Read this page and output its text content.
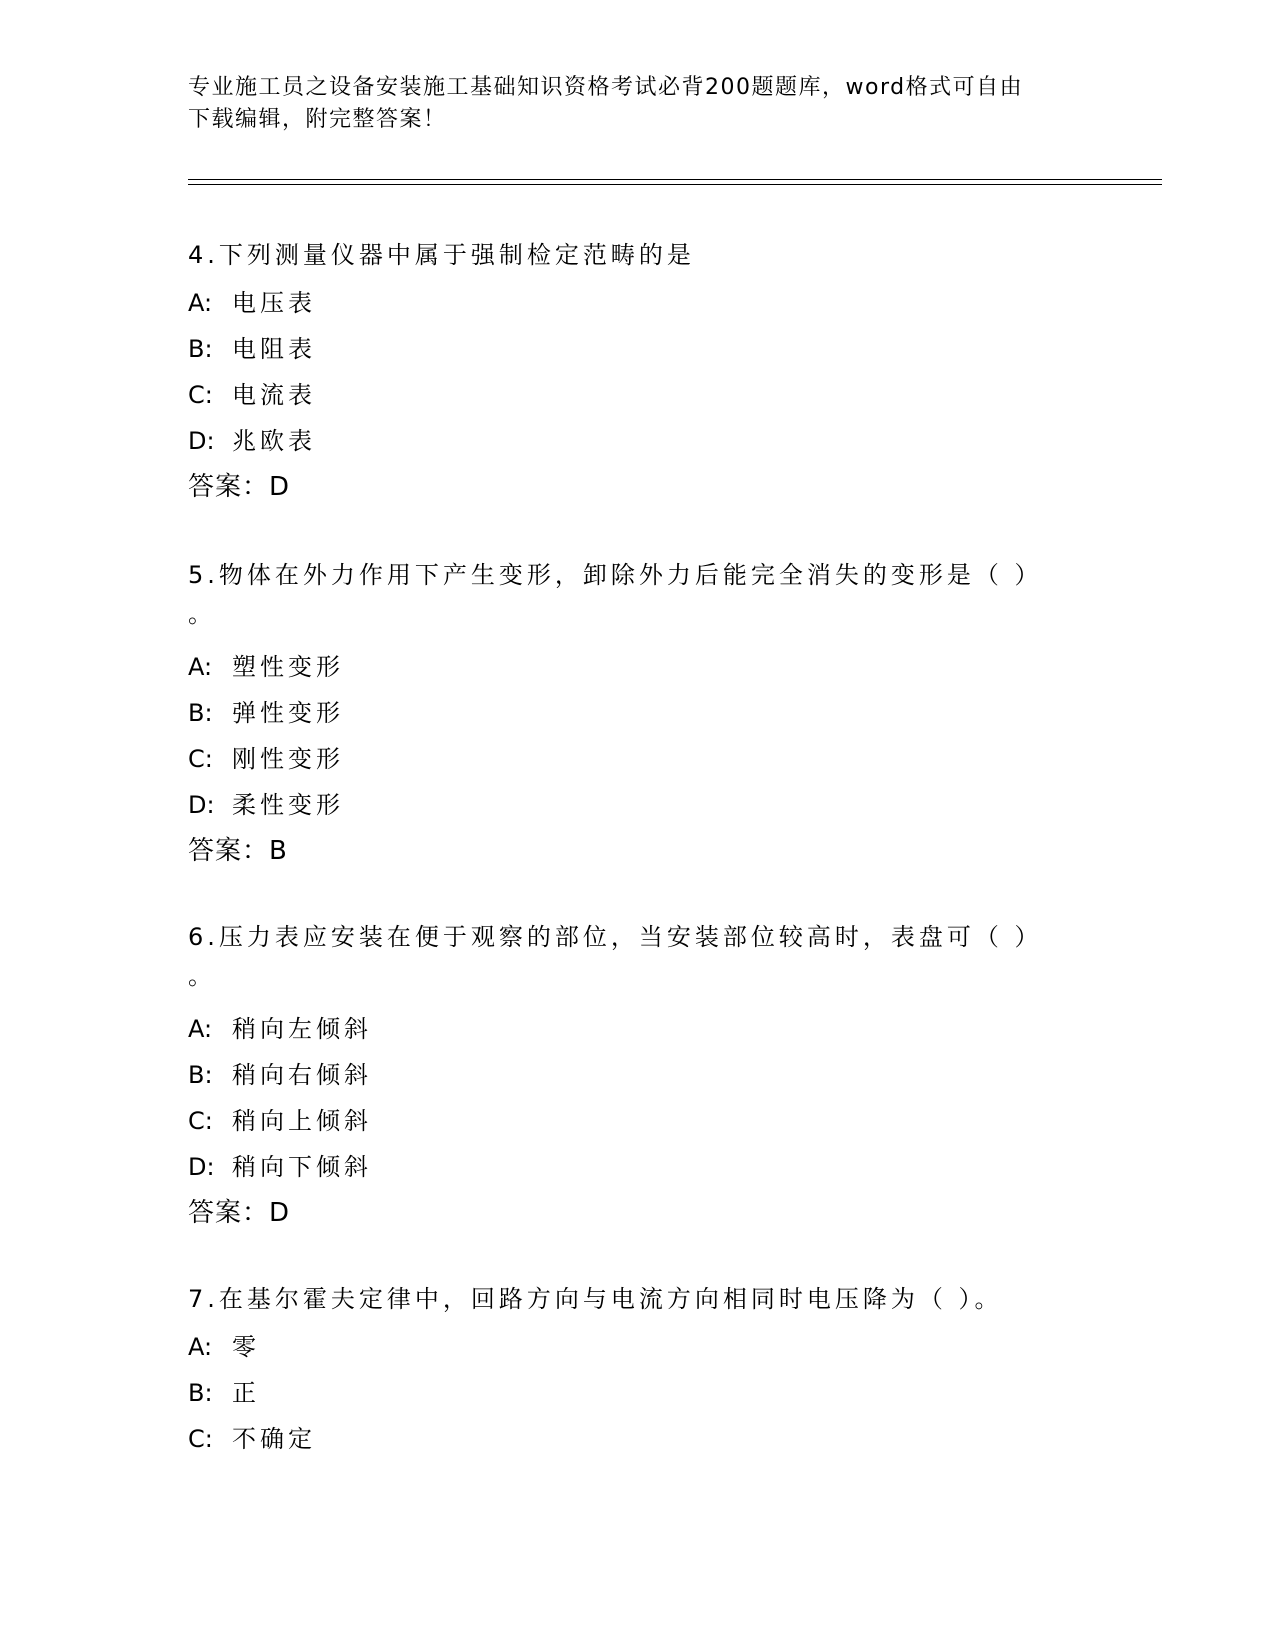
专业施工员之设备安装施工基础知识资格考试必背200题题库，word格式可自由
下载编辑，附完整答案！
4.下列测量仪器中属于强制检定范畴的是
A: 电压表
B: 电阻表
C: 电流表
D: 兆欧表
答案：D
5.物体在外力作用下产生变形，卸除外力后能完全消失的变形是（ ）
。
A: 塑性变形
B: 弹性变形
C: 刚性变形
D: 柔性变形
答案：B
6.压力表应安装在便于观察的部位，当安装部位较高时，表盘可（ ）
。
A: 稍向左倾斜
B: 稍向右倾斜
C: 稍向上倾斜
D: 稍向下倾斜
答案：D
7.在基尔霍夫定律中，回路方向与电流方向相同时电压降为（ ）。
A: 零
B: 正
C: 不确定
